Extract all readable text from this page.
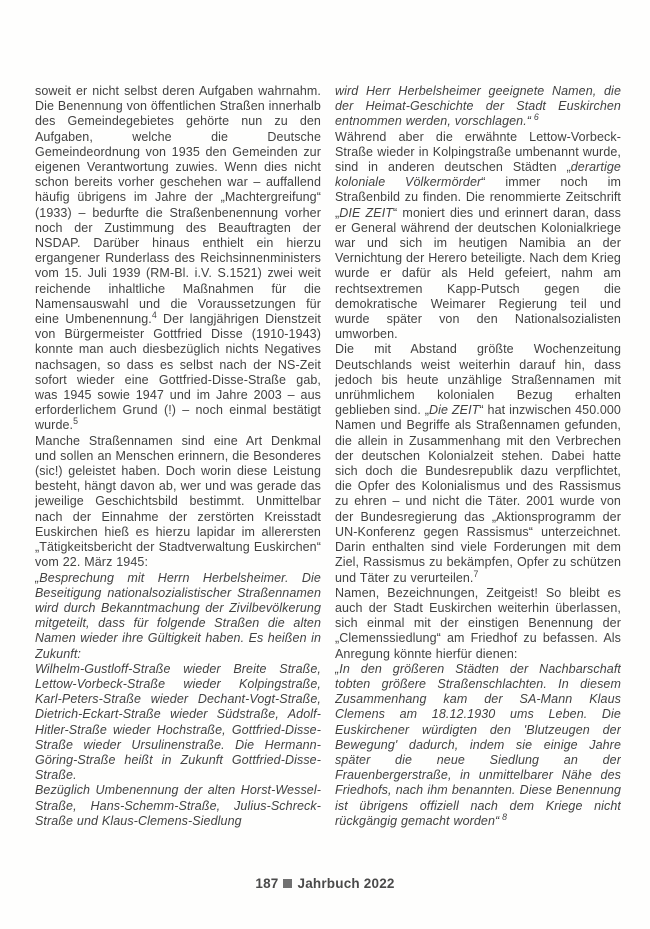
soweit er nicht selbst deren Aufgaben wahrnahm. Die Benennung von öffentlichen Straßen innerhalb des Gemeindegebietes gehörte nun zu den Aufgaben, welche die Deutsche Gemeindeordnung von 1935 den Gemeinden zur eigenen Verantwortung zuwies. Wenn dies nicht schon bereits vorher geschehen war – auffallend häufig übrigens im Jahre der „Machtergreifung“ (1933) – bedurfte die Straßenbenennung vorher noch der Zustimmung des Beauftragten der NSDAP. Darüber hinaus enthielt ein hierzu ergangener Runderlass des Reichsinnenministers vom 15. Juli 1939 (RM-Bl. i.V. S.1521) zwei weit reichende inhaltliche Maßnahmen für die Namensauswahl und die Voraussetzungen für eine Umbenennung.$^4$ Der langjährigen Dienstzeit von Bürgermeister Gottfried Disse (1910-1943) konnte man auch diesbezüglich nichts Negatives nachsagen, so dass es selbst nach der NS-Zeit sofort wieder eine Gottfried-Disse-Straße gab, was 1945 sowie 1947 und im Jahre 2003 – aus erforderlichem Grund (!) – noch einmal bestätigt wurde.$^5$

Manche Straßennamen sind eine Art Denkmal und sollen an Menschen erinnern, die Besonderes (sic!) geleistet haben. Doch worin diese Leistung besteht, hängt davon ab, wer und was gerade das jeweilige Geschichtsbild bestimmt. Unmittelbar nach der Einnahme der zerstörten Kreisstadt Euskirchen hieß es hierzu lapidar im allerersten „Tätigkeitsbericht der Stadtverwaltung Euskirchen“ vom 22. März 1945:

„Besprechung mit Herrn Herbelsheimer. Die Beseitigung nationalsozialistischer Straßennamen wird durch Bekanntmachung der Zivilbevölkerung mitgeteilt, dass für folgende Straßen die alten Namen wieder ihre Gültigkeit haben. Es heißen in Zukunft:

Wilhelm-Gustloff-Straße wieder Breite Straße, Lettow-Vorbeck-Straße wieder Kolpingstraße, Karl-Peters-Straße wieder Dechant-Vogt-Straße, Dietrich-Eckart-Straße wieder Südstraße, Adolf-Hitler-Straße wieder Hochstraße, Gottfried-Disse-Straße wieder Ursulinenstraße. Die Hermann-Göring-Straße heißt in Zukunft Gottfried-Disse-Straße.

Bezüglich Umbenennung der alten Horst-Wessel-Straße, Hans-Schemm-Straße, Julius-Schreck-Straße und Klaus-Clemens-Siedlung

wird Herr Herbelsheimer geeignete Namen, die der Heimat-Geschichte der Stadt Euskirchen entnommen werden, vorschlagen.“ $^6$

Während aber die erwähnte Lettow-Vorbeck-Straße wieder in Kolpingstraße umbenannt wurde, sind in anderen deutschen Städten „derartige koloniale Völkermörder“ immer noch im Straßenbild zu finden. Die renommierte Zeitschrift „DIE ZEIT“ moniert dies und erinnert daran, dass er General während der deutschen Kolonialkriege war und sich im heutigen Namibia an der Vernichtung der Herero beteiligte. Nach dem Krieg wurde er dafür als Held gefeiert, nahm am rechtsextremen Kapp-Putsch gegen die demokratische Weimarer Regierung teil und wurde später von den Nationalsozialisten umworben.

Die mit Abstand größte Wochenzeitung Deutschlands weist weiterhin darauf hin, dass jedoch bis heute unzählige Straßennamen mit unrühmlichem kolonialen Bezug erhalten geblieben sind. „Die ZEIT“ hat inzwischen 450.000 Namen und Begriffe als Straßennamen gefunden, die allein in Zusammenhang mit den Verbrechen der deutschen Kolonialzeit stehen. Dabei hatte sich doch die Bundesrepublik dazu verpflichtet, die Opfer des Kolonialismus und des Rassismus zu ehren – und nicht die Täter. 2001 wurde von der Bundesregierung das „Aktionsprogramm der UN-Konferenz gegen Rassismus“ unterzeichnet. Darin enthalten sind viele Forderungen mit dem Ziel, Rassismus zu bekämpfen, Opfer zu schützen und Täter zu verurteilen.$^7$

Namen, Bezeichnungen, Zeitgeist! So bleibt es auch der Stadt Euskirchen weiterhin überlassen, sich einmal mit der einstigen Benennung der „Clemenssiedlung“ am Friedhof zu befassen. Als Anregung könnte hierfür dienen:

„In den größeren Städten der Nachbarschaft tobten größere Straßenschlachten. In diesem Zusammenhang kam der SA-Mann Klaus Clemens am 18.12.1930 ums Leben. Die Euskirchener würdigten den 'Blutzeugen der Bewegung' dadurch, indem sie einige Jahre später die neue Siedlung an der Frauenbergerstraße, in unmittelbarer Nähe des Friedhofs, nach ihm benannten. Diese Benennung ist übrigens offiziell nach dem Kriege nicht rückgängig gemacht worden“ $^8$

187 Jahrbuch 2022
